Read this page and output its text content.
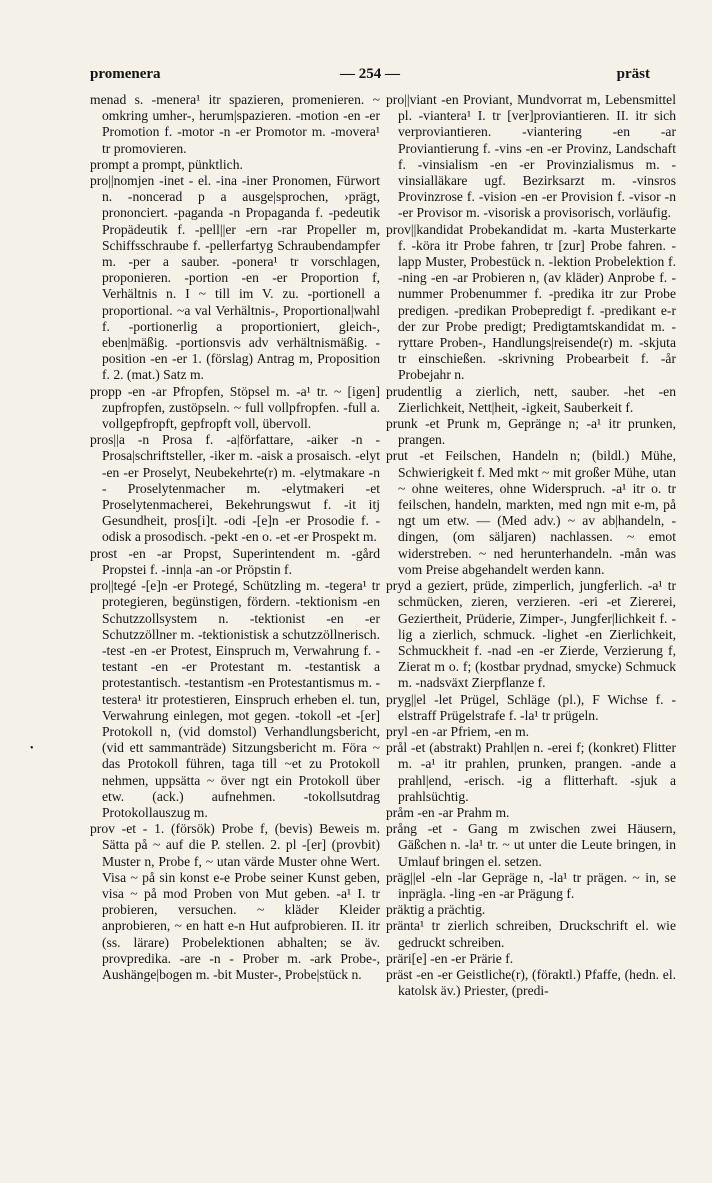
promenera	— 254 —	präst
•

menad s. -menera¹ itr spazieren, promenieren. ~ omkring umher-, herum|spazieren. -motion -en -er Promotion f. -motor -n -er Promotor m. -movera¹ tr promovieren.

prompt a prompt, pünktlich.

pro||nomjen -inet - el. -ina -iner Pronomen, Fürwort n. -noncerad p a ausge|sprochen, ›prägt, prononciert. -paganda -n Propaganda f. -pedeutik Propädeutik f. -pell||er -ern -rar Propeller m, Schiffsschraube f. -pellerfartyg Schraubendampfer m. -per a sauber. -ponera¹ tr vorschlagen, proponieren. -portion -en -er Proportion f, Verhältnis n. I ~ till im V. zu. -portionell a proportional. ~a val Verhältnis-, Proportional|wahl f. -portionerlig a proportioniert, gleich-, eben|mäßig. -portionsvis adv verhältnismäßig. -position -en -er 1. (förslag) Antrag m, Proposition f. 2. (mat.) Satz m.

propp -en -ar Pfropfen, Stöpsel m. -a¹ tr. ~ [igen] zupfropfen, zustöpseln. ~ full vollpfropfen. -full a. vollgepfropft, gepfropft voll, übervoll.

pros||a -n Prosa f. -a|författare, -aiker -n - Prosa|schriftsteller, -iker m. -aisk a prosaisch. -elyt -en -er Proselyt, Neubekehrte(r) m. -elytmakare -n - Proselytenmacher m. -elytmakeri -et Proselytenmacherei, Bekehrungswut f. -it itj Gesundheit, pros[i]t. -odi -[e]n -er Prosodie f. -odisk a prosodisch. -pekt -en o. -et -er Prospekt m.

prost -en -ar Propst, Superintendent m. -gård Propstei f. -inn|a -an -or Pröpstin f.

pro||tegé -[e]n -er Protegé, Schützling m. -tegera¹ tr protegieren, begünstigen, fördern. -tektionism -en Schutzzollsystem n. -tektionist -en -er Schutzzöllner m. -tektionistisk a schutzzöllnerisch. -test -en -er Protest, Einspruch m, Verwahrung f. -testant -en -er Protestant m. -testantisk a protestantisch. -testantism -en Protestantismus m. -testera¹ itr protestieren, Einspruch erheben el. tun, Verwahrung einlegen, mot gegen. -tokoll -et -[er] Protokoll n, (vid domstol) Verhandlungsbericht, (vid ett sammanträde) Sitzungsbericht m. Föra ~ das Protokoll führen, taga till ~et zu Protokoll nehmen, uppsätta ~ över ngt ein Protokoll über etw. (ack.) aufnehmen. -tokollsutdrag Protokollauszug m.

prov -et - 1. (försök) Probe f, (bevis) Beweis m. Sätta på ~ auf die P. stellen. 2. pl -[er] (provbit) Muster n, Probe f, ~ utan värde Muster ohne Wert. Visa ~ på sin konst e-e Probe seiner Kunst geben, visa ~ på mod Proben von Mut geben. -a¹ I. tr probieren, versuchen. ~ kläder Kleider anprobieren, ~ en hatt e-n Hut aufprobieren. II. itr (ss. lärare) Probelektionen abhalten; se äv. provpredika. -are -n - Prober m. -ark Probe-, Aushänge|bogen m. -bit Muster-, Probe|stück n.

pro||viant -en Proviant, Mundvorrat m, Lebensmittel pl. -viantera¹ I. tr [ver]proviantieren. II. itr sich verproviantieren. -viantering -en -ar Proviantierung f. -vins -en -er Provinz, Landschaft f. -vinsialism -en -er Provinzialismus m. -vinsialläkare ugf. Bezirksarzt m. -vinsros Provinzrose f. -vision -en -er Provision f. -visor -n -er Provisor m. -visorisk a provisorisch, vorläufig.

prov||kandidat Probekandidat m. -karta Musterkarte f. -köra itr Probe fahren, tr [zur] Probe fahren. -lapp Muster, Probestück n. -lektion Probelektion f. -ning -en -ar Probieren n, (av kläder) Anprobe f. -nummer Probenummer f. -predika itr zur Probe predigen. -predikan Probepredigt f. -predikant e-r der zur Probe predigt; Predigtamtskandidat m. -ryttare Proben-, Handlungs|reisende(r) m. -skjuta tr einschießen. -skrivning Probearbeit f. -år Probejahr n.

prudentlig a zierlich, nett, sauber. -het -en Zierlichkeit, Nett|heit, -igkeit, Sauberkeit f.

prunk -et Prunk m, Gepränge n; -a¹ itr prunken, prangen.

prut -et Feilschen, Handeln n; (bildl.) Mühe, Schwierigkeit f. Med mkt ~ mit großer Mühe, utan ~ ohne weiteres, ohne Widerspruch. -a¹ itr o. tr feilschen, handeln, markten, med ngn mit e-m, på ngt um etw. — (Med adv.) ~ av ab|handeln, -dingen, (om säljaren) nachlassen. ~ emot widerstreben. ~ ned herunterhandeln. -mån was vom Preise abgehandelt werden kann.

pryd a geziert, prüde, zimperlich, jungferlich. -a¹ tr schmücken, zieren, verzieren. -eri -et Ziererei, Geziertheit, Prüderie, Zimper-, Jungfer|lichkeit f. -lig a zierlich, schmuck. -lighet -en Zierlichkeit, Schmuckheit f. -nad -en -er Zierde, Verzierung f, Zierat m o. f; (kostbar prydnad, smycke) Schmuck m. -nadsväxt Zierpflanze f.

pryg||el -let Prügel, Schläge (pl.), F Wichse f. -elstraff Prügelstrafe f. -la¹ tr prügeln.

pryl -en -ar Pfriem, -en m.

prål -et (abstrakt) Prahl|en n. -erei f; (konkret) Flitter m. -a¹ itr prahlen, prunken, prangen. -ande a prahl|end, -erisch. -ig a flitterhaft. -sjuk a prahlsüchtig.

pråm -en -ar Prahm m.

prång -et - Gang m zwischen zwei Häusern, Gäßchen n. -la¹ tr. ~ ut unter die Leute bringen, in Umlauf bringen el. setzen.

präg||el -eln -lar Gepräge n, -la¹ tr prägen. ~ in, se inprägla. -ling -en -ar Prägung f.

präktig a prächtig.

pränta¹ tr zierlich schreiben, Druckschrift el. wie gedruckt schreiben.

präri[e] -en -er Prärie f.

präst -en -er Geistliche(r), (föraktl.) Pfaffe, (hedn. el. katolsk äv.) Priester, (predi-
